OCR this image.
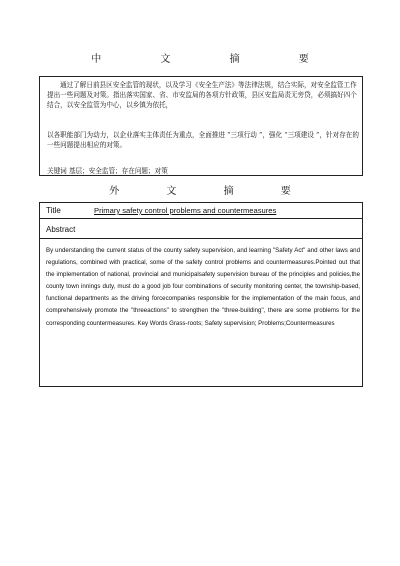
中 文 摘 要

通过了解日前县区安全监管的现状，以及学习《安全生产法》等法律法规，结合实际，对安全监管工作提出一些问题及对策。指出落实国家、省、市安监局的各项方针政策，县区安监局责无旁贷，必须搞好四个结合，以安全监管为中心，以乡镇为依托，

以各职能部门为动力，以企业落实主体责任为重点，全面推进 “三项行动 ”，强化 “三项建设 ”，针对存在的一些问题提出相应的对策。

关键词 基层；安全监管；存在问题；对策

外 文 摘 要
Title	Primary safety control problems and countermeasures
Abstract

By understanding the current status of the county safety supervision, and learning "Safety Act" and other laws and regulations, combined with practical, some of the safety control problems and countermeasures.Pointed out that the implementation of national, provincial and municipalsafety supervision bureau of the principles and policies,the county town innings duty, must do a good job four combinations of security monitoring center, the township-based, functional departments as the driving forcecompanies responsible for the implementation of the main focus, and comprehensively promote the "threeactions" to strengthen the "three-building", there are some problems for the corresponding countermeasures. Key Words Grass-roots; Safety supervision; Problems;Countermeasures
